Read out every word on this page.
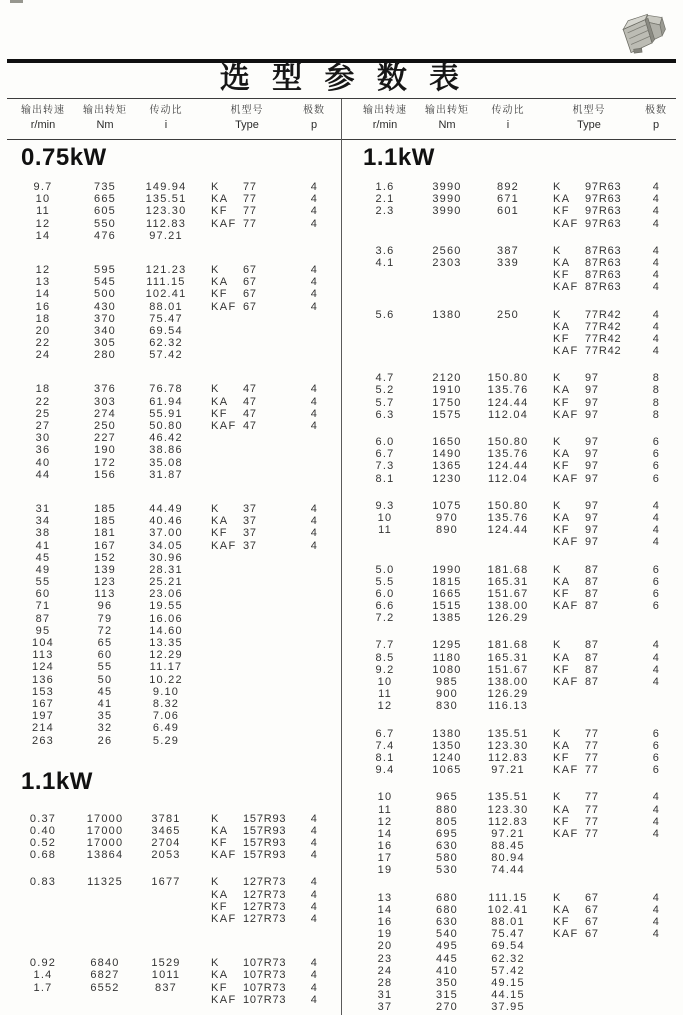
选 型 参 数 表
输出转速
r/min
输出转矩
Nm
传动比
i
机型号
Type
极数
p
0.75kW
9.7	735	149.94	K	77	4
10	665	135.51	KA	77	4
11	605	123.30	KF	77	4
12	550	112.83	KAF 77	4
14	476	97.21
12	595	121.23	K	67	4
13	545	111.15	KA	67	4
14	500	102.41	KF	67	4
16	430	88.01	KAF 67	4
18	370	75.47
20	340	69.54
22	305	62.32
24	280	57.42
18	376	76.78	K	47	4
22	303	61.94	KA	47	4
25	274	55.91	KF	47	4
27	250	50.80	KAF 47	4
30	227	46.42
36	190	38.86
40	172	35.08
44	156	31.87
31	185	44.49	K	37	4
34	185	40.46	KA	37	4
38	181	37.00	KF	37	4
41	167	34.05	KAF 37	4
45	152	30.96
49	139	28.31
55	123	25.21
60	113	23.06
71	96	19.55
87	79	16.06
95	72	14.60
104	65	13.35
113	60	12.29
124	55	11.17
136	50	10.22
153	45	9.10
167	41	8.32
197	35	7.06
214	32	6.49
263	26	5.29
1.1kW
0.37	17000	3781	K	157R93	4
0.40	17000	3465	KA	157R93	4
0.52	17000	2704	KF	157R93	4
0.68	13864	2053	KAF 157R93	4
0.83	11325	1677	K	127R73	4
KA	127R73	4
KF	127R73	4
KAF 127R73	4
0.92	6840	1529	K	107R73	4
1.4	6827	1011	KA	107R73	4
1.7	6552	837	KF	107R73	4
KAF 107R73	4
输出转速
r/min
输出转矩
Nm
传动比
i
机型号
Type
极数
p
1.1kW
1.6	3990	892	K	97R63	4
2.1	3990	671	KA	97R63	4
2.3	3990	601	KF	97R63	4
KAF 97R63	4
3.6	2560	387	K	87R63	4
4.1	2303	339	KA	87R63	4
KF	87R63	4
KAF 87R63	4
5.6	1380	250	K	77R42	4
KA	77R42	4
KF	77R42	4
KAF 77R42	4
4.7	2120	150.80	K	97	8
5.2	1910	135.76	KA	97	8
5.7	1750	124.44	KF	97	8
6.3	1575	112.04	KAF 97	8
6.0	1650	150.80	K	97	6
6.7	1490	135.76	KA	97	6
7.3	1365	124.44	KF	97	6
8.1	1230	112.04	KAF 97	6
9.3	1075	150.80	K	97	4
10	970	135.76	KA	97	4
11	890	124.44	KF	97	4
KAF 97	4
5.0	1990	181.68	K	87	6
5.5	1815	165.31	KA	87	6
6.0	1665	151.67	KF	87	6
6.6	1515	138.00	KAF 87	6
7.2	1385	126.29
7.7	1295	181.68	K	87	4
8.5	1180	165.31	KA	87	4
9.2	1080	151.67	KF	87	4
10	985	138.00	KAF 87	4
11	900	126.29
12	830	116.13
6.7	1380	135.51	K	77	6
7.4	1350	123.30	KA	77	6
8.1	1240	112.83	KF	77	6
9.4	1065	97.21	KAF 77	6
10	965	135.51	K	77	4
11	880	123.30	KA	77	4
12	805	112.83	KF	77	4
14	695	97.21	KAF 77	4
16	630	88.45
17	580	80.94
19	530	74.44
13	680	111.15	K	67	4
14	680	102.41	KA	67	4
16	630	88.01	KF	67	4
19	540	75.47	KAF 67	4
20	495	69.54
23	445	62.32
24	410	57.42
28	350	49.15
31	315	44.15
37	270	37.95
